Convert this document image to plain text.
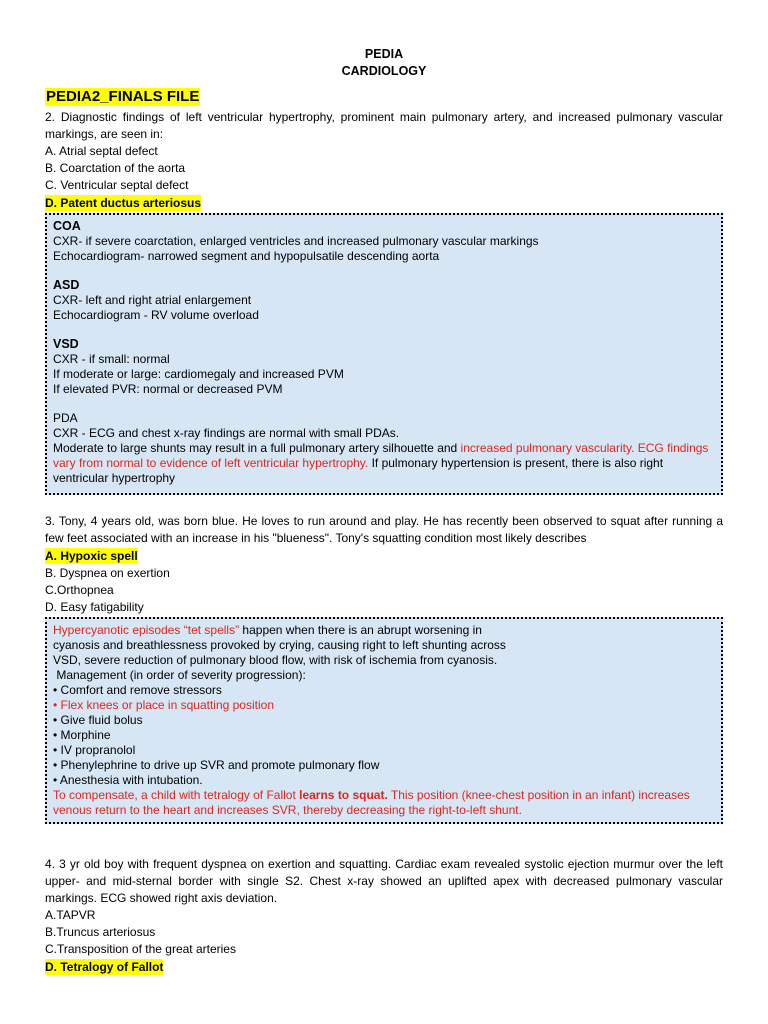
PEDIA
CARDIOLOGY
PEDIA2_FINALS FILE
2. Diagnostic findings of left ventricular hypertrophy, prominent main pulmonary artery, and increased pulmonary vascular markings, are seen in:
A. Atrial septal defect
B. Coarctation of the aorta
C. Ventricular septal defect
D. Patent ductus arteriosus
COA
CXR- if severe coarctation, enlarged ventricles and increased pulmonary vascular markings
Echocardiogram- narrowed segment and hypopulsatile descending aorta
ASD
CXR- left and right atrial enlargement
Echocardiogram - RV volume overload
VSD
CXR - if small: normal
If moderate or large: cardiomegaly and increased PVM
If elevated PVR: normal or decreased PVM
PDA
CXR - ECG and chest x-ray findings are normal with small PDAs.
Moderate to large shunts may result in a full pulmonary artery silhouette and increased pulmonary vascularity. ECG findings vary from normal to evidence of left ventricular hypertrophy. If pulmonary hypertension is present, there is also right ventricular hypertrophy
3. Tony, 4 years old, was born blue. He loves to run around and play. He has recently been observed to squat after running a few feet associated with an increase in his "blueness". Tony's squatting condition most likely describes
A. Hypoxic spell
B. Dyspnea on exertion
C.Orthopnea
D. Easy fatigability
Hypercyanotic episodes “tet spells” happen when there is an abrupt worsening in
cyanosis and breathlessness provoked by crying, causing right to left shunting across
VSD, severe reduction of pulmonary blood flow, with risk of ischemia from cyanosis.
Management (in order of severity progression):
• Comfort and remove stressors
• Flex knees or place in squatting position
• Give fluid bolus
• Morphine
• IV propranolol
• Phenylephrine to drive up SVR and promote pulmonary flow
• Anesthesia with intubation.
To compensate, a child with tetralogy of Fallot learns to squat. This position (knee-chest position in an infant) increases venous return to the heart and increases SVR, thereby decreasing the right-to-left shunt.
4. 3 yr old boy with frequent dyspnea on exertion and squatting. Cardiac exam revealed systolic ejection murmur over the left upper- and mid-sternal border with single S2. Chest x-ray showed an uplifted apex with decreased pulmonary vascular markings. ECG showed right axis deviation.
A.TAPVR
B.Truncus arteriosus
C.Transposition of the great arteries
D. Tetralogy of Fallot
